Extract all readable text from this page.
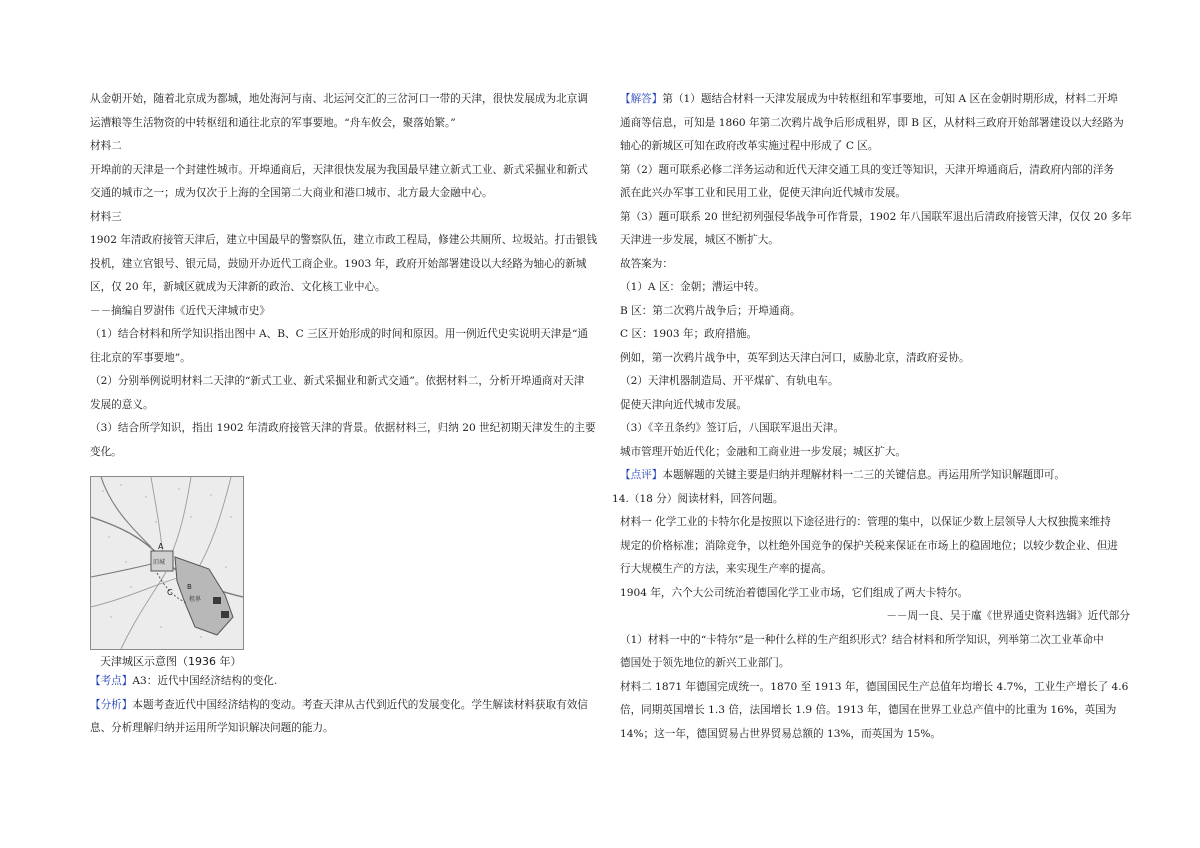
从金朝开始，随着北京成为都城，地处海河与南、北运河交汇的三岔河口一带的天津，很快发展成为北京调

运漕粮等生活物资的中转枢纽和通往北京的军事要地。“舟车攸会，聚落始繁。”

材料二

开埠前的天津是一个封建性城市。开埠通商后，天津很快发展为我国最早建立新式工业、新式采掘业和新式

交通的城市之一；成为仅次于上海的全国第二大商业和港口城市、北方最大金融中心。

材料三

1902 年清政府接管天津后，建立中国最早的警察队伍，建立市政工程局，修建公共厕所、垃圾站。打击银钱

投机，建立官银号、银元局，鼓励开办近代工商企业。1903 年，政府开始部署建设以大经路为轴心的新城

区，仅 20 年，新城区就成为天津新的政治、文化核工业中心。

－－摘编自罗澍伟《近代天津城市史》

（1）结合材料和所学知识指出图中 A、B、C 三区开始形成的时间和原因。用一例近代史实说明天津是“通

往北京的军事要地”。

（2）分别举例说明材料二天津的“新式工业、新式采掘业和新式交通”。依据材料二，分析开埠通商对天津

发展的意义。

（3）结合所学知识，指出 1902 年清政府接管天津的背景。依据材料三，归纳 20 世纪初期天津发生的主要

变化。

A
旧城
B
租界
C
天津城区示意图（1936 年）

【考点】A3：近代中国经济结构的变化.

【分析】本题考查近代中国经济结构的变动。考查天津从古代到近代的发展变化。学生解读材料获取有效信

息、分析理解归纳并运用所学知识解决问题的能力。

【解答】第（1）题结合材料一天津发展成为中转枢纽和军事要地，可知 A 区在金朝时期形成，材料二开埠

通商等信息，可知是 1860 年第二次鸦片战争后形成租界，即 B 区，从材料三政府开始部署建设以大经路为

轴心的新城区可知在政府改革实施过程中形成了 C 区。

第（2）题可联系必修二洋务运动和近代天津交通工具的变迁等知识，天津开埠通商后，清政府内部的洋务

派在此兴办军事工业和民用工业，促使天津向近代城市发展。

第（3）题可联系 20 世纪初列强侵华战争可作背景，1902 年八国联军退出后清政府接管天津，仅仅 20 多年

天津进一步发展，城区不断扩大。

故答案为：

（1）A 区：金朝；漕运中转。

B 区：第二次鸦片战争后；开埠通商。

C 区：1903 年；政府措施。

例如，第一次鸦片战争中，英军到达天津白河口，威胁北京，清政府妥协。

（2）天津机器制造局、开平煤矿、有轨电车。

促使天津向近代城市发展。

（3）《辛丑条约》签订后，八国联军退出天津。

城市管理开始近代化；金融和工商业进一步发展；城区扩大。

【点评】本题解题的关键主要是归纳并理解材料一二三的关键信息。再运用所学知识解题即可。

14.（18 分）阅读材料，回答问题。

材料一 化学工业的卡特尔化是按照以下途径进行的：管理的集中，以保证少数上层领导人大权独揽来维持

规定的价格标准；消除竞争，以杜绝外国竞争的保护关税来保证在市场上的稳固地位；以较少数企业、但进

行大规模生产的方法，来实现生产率的提高。

1904 年，六个大公司统治着德国化学工业市场，它们组成了两大卡特尔。

－－周一良、吴于廑《世界通史资料选辑》近代部分

（1）材料一中的“卡特尔”是一种什么样的生产组织形式？结合材料和所学知识，列举第二次工业革命中

德国处于领先地位的新兴工业部门。

材料二 1871 年德国完成统一。1870 至 1913 年，德国国民生产总值年均增长 4.7%，工业生产增长了 4.6

倍，同期英国增长 1.3 倍，法国增长 1.9 倍。1913 年，德国在世界工业总产值中的比重为 16%，英国为

14%；这一年，德国贸易占世界贸易总额的 13%，而英国为 15%。
